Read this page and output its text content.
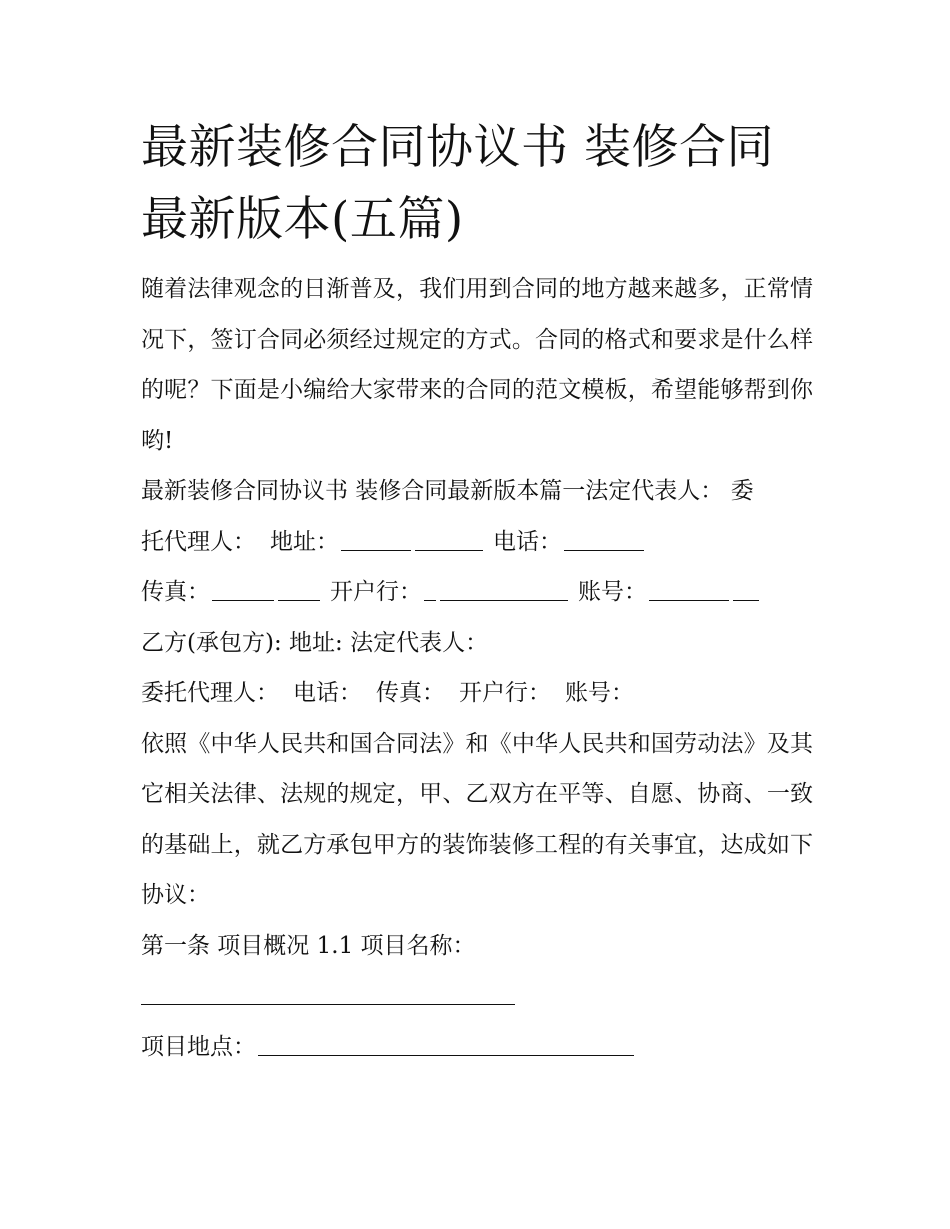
最新装修合同协议书 装修合同最新版本(五篇)

随着法律观念的日渐普及，我们用到合同的地方越来越多，正常情况下，签订合同必须经过规定的方式。合同的格式和要求是什么样的呢？下面是小编给大家带来的合同的范文模板，希望能够帮到你哟!

最新装修合同协议书 装修合同最新版本篇一法定代表人： 委

托代理人： 地址：	电话：

传真：	开户行：	账号：

乙方(承包方): 地址: 法定代表人：

委托代理人： 电话： 传真： 开户行： 账号：

依照《中华人民共和国合同法》和《中华人民共和国劳动法》及其它相关法律、法规的规定，甲、乙双方在平等、自愿、协商、一致的基础上，就乙方承包甲方的装饰装修工程的有关事宜，达成如下协议：

第一条 项目概况 1.1 项目名称：

项目地点：
